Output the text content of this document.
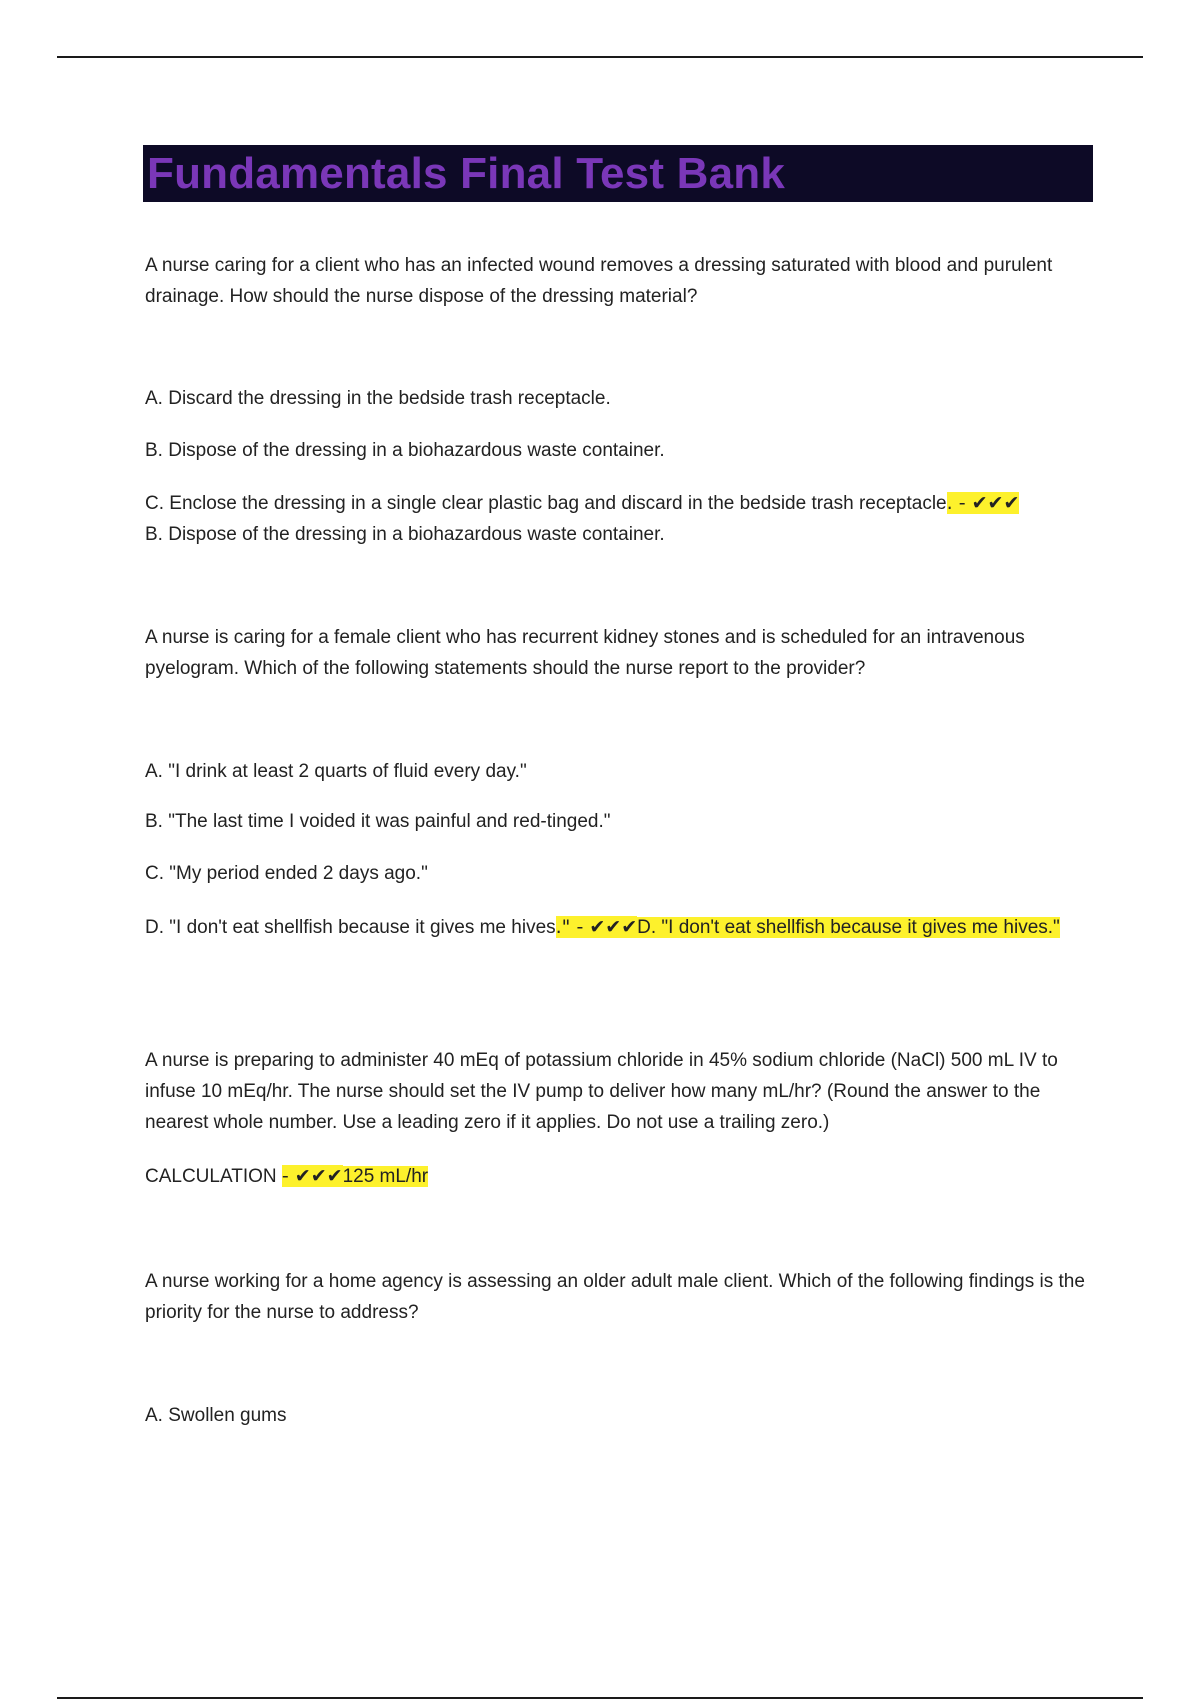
Fundamentals Final Test Bank

A nurse caring for a client who has an infected wound removes a dressing saturated with blood and purulent drainage. How should the nurse dispose of the dressing material?

A. Discard the dressing in the bedside trash receptacle.

B. Dispose of the dressing in a biohazardous waste container.

C. Enclose the dressing in a single clear plastic bag and discard in the bedside trash receptacle. - ✔✔✔
B. Dispose of the dressing in a biohazardous waste container.

A nurse is caring for a female client who has recurrent kidney stones and is scheduled for an intravenous pyelogram. Which of the following statements should the nurse report to the provider?

A. "I drink at least 2 quarts of fluid every day."

B. "The last time I voided it was painful and red-tinged."

C. "My period ended 2 days ago."

D. "I don't eat shellfish because it gives me hives." - ✔✔✔D. "I don't eat shellfish because it gives me hives."

A nurse is preparing to administer 40 mEq of potassium chloride in 45% sodium chloride (NaCl) 500 mL IV to infuse 10 mEq/hr. The nurse should set the IV pump to deliver how many mL/hr? (Round the answer to the nearest whole number. Use a leading zero if it applies. Do not use a trailing zero.)

CALCULATION - ✔✔✔125 mL/hr

A nurse working for a home agency is assessing an older adult male client. Which of the following findings is the priority for the nurse to address?

A. Swollen gums
